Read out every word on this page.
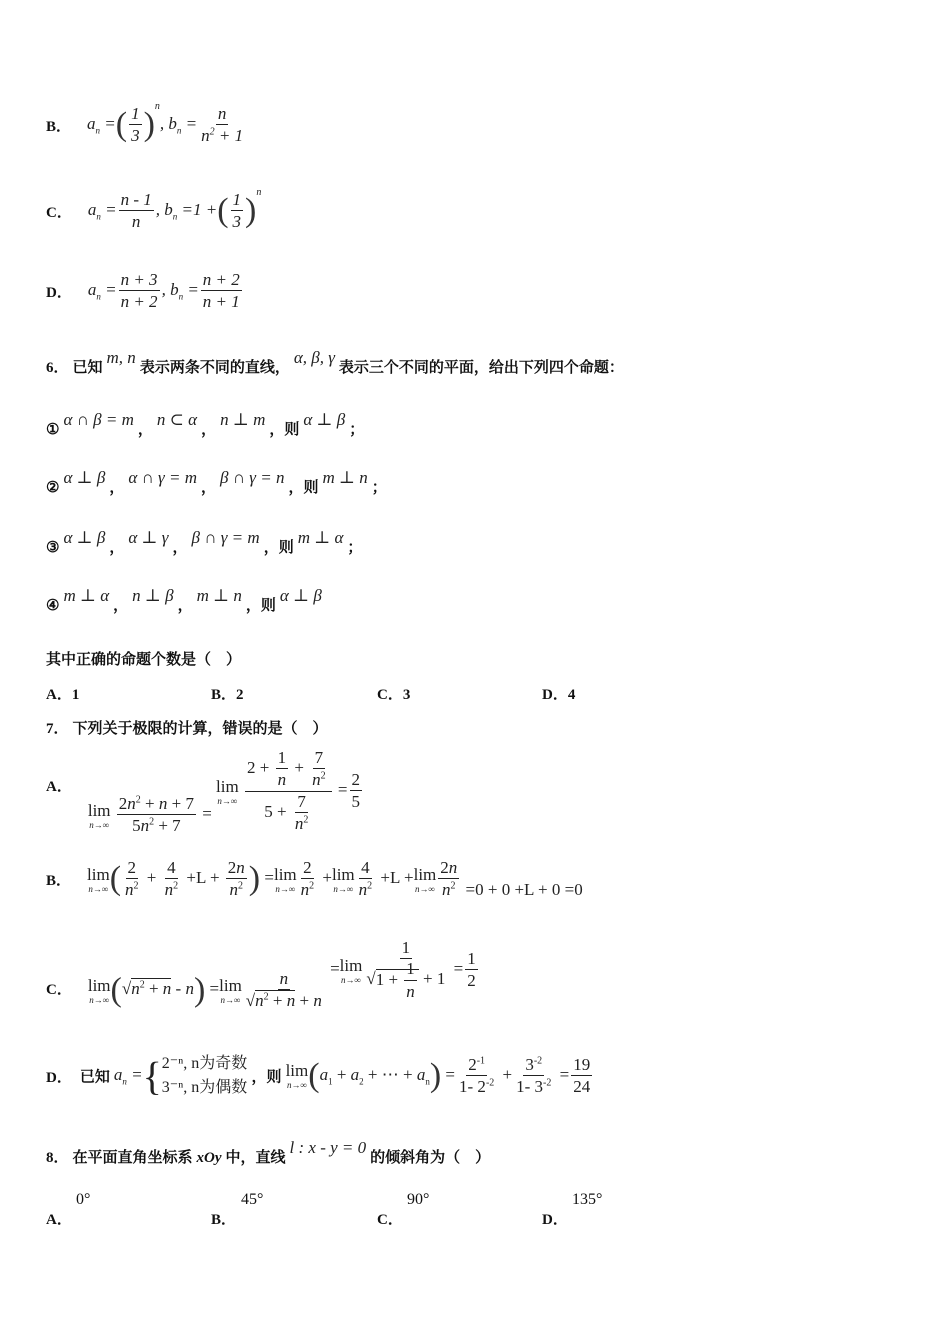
B． $a_n$ =( $\frac{1}{3} )^n$, $b_n = \frac{n}{n^2 + 1}$
C． $a_n = \frac{n - 1}{n}$ , $b_n =1$ +( $\frac{1}{3} )^n$
D． $a_n = \frac{n + 3}{n + 2}$ , $b_n = \frac{n + 2}{n + 1}$
6． 已知 m, n 表示两条不同的直线， α, β, γ 表示三个不同的平面，给出下列四个命题：
①α ∩ β = m，n ⊂ α，n ⊥ m，则α ⊥ β；
②α ⊥ β，α ∩ γ = m，β ∩ γ = n，则m ⊥ n；
③α ⊥ β，α ⊥ γ，β ∩ γ = m，则m ⊥ α；
④m ⊥ α，n ⊥ β，m ⊥ n，则α ⊥ β
其中正确的命题个数是（　）
A．1	B．2	C．3	D．4
7． 下列关于极限的计算，错误的是（　）
A．
lim
n→∞
$\frac{2n^2 + n + 7}{5n^2 + 7}$ =
lim
n→∞
$\frac{2 + \frac{1}{n} + \frac{7}{n^2}}{5 + \frac{7}{n^2}} = \frac{2}{5}$
B． lim
n→∞ ( $\frac{2}{n^2} + \frac{4}{n^2} +L + \frac{2n}{n^2}$ ) = lim
$n\to\infty \frac{2}{n^2} + \lim$
$n\to\infty \frac{4}{n^2} +L + \lim$
$n\to\infty \frac{2n}{n^2} =0 + 0 +L + 0 =0$
C． lim
n→∞ $(√n^2 + n - n) = \lim$
$n\to\infty \frac{n}{√n^2 + n + n}$
= lim
$n\to\infty \frac{1}{√1 + \frac{1}{n} + 1} = \frac{1}{2}$
D． 已知 $a_n$ ={ 2⁻ⁿ, n为奇数
3⁻ⁿ, n为偶数
，则 lim
n→∞ ($a_1 + a_2$ + ⋯ + $a_n) = \frac{2^{-1}}{1- 2^{-2}} + \frac{3^{-2}}{1- 3^{-2}} = \frac{19}{24}$
8． 在平面直角坐标系 xOy 中，直线 l : x - y = 0 的倾斜角为（　）
A．
0°
B．
45°
C．
90°
D．
135°
